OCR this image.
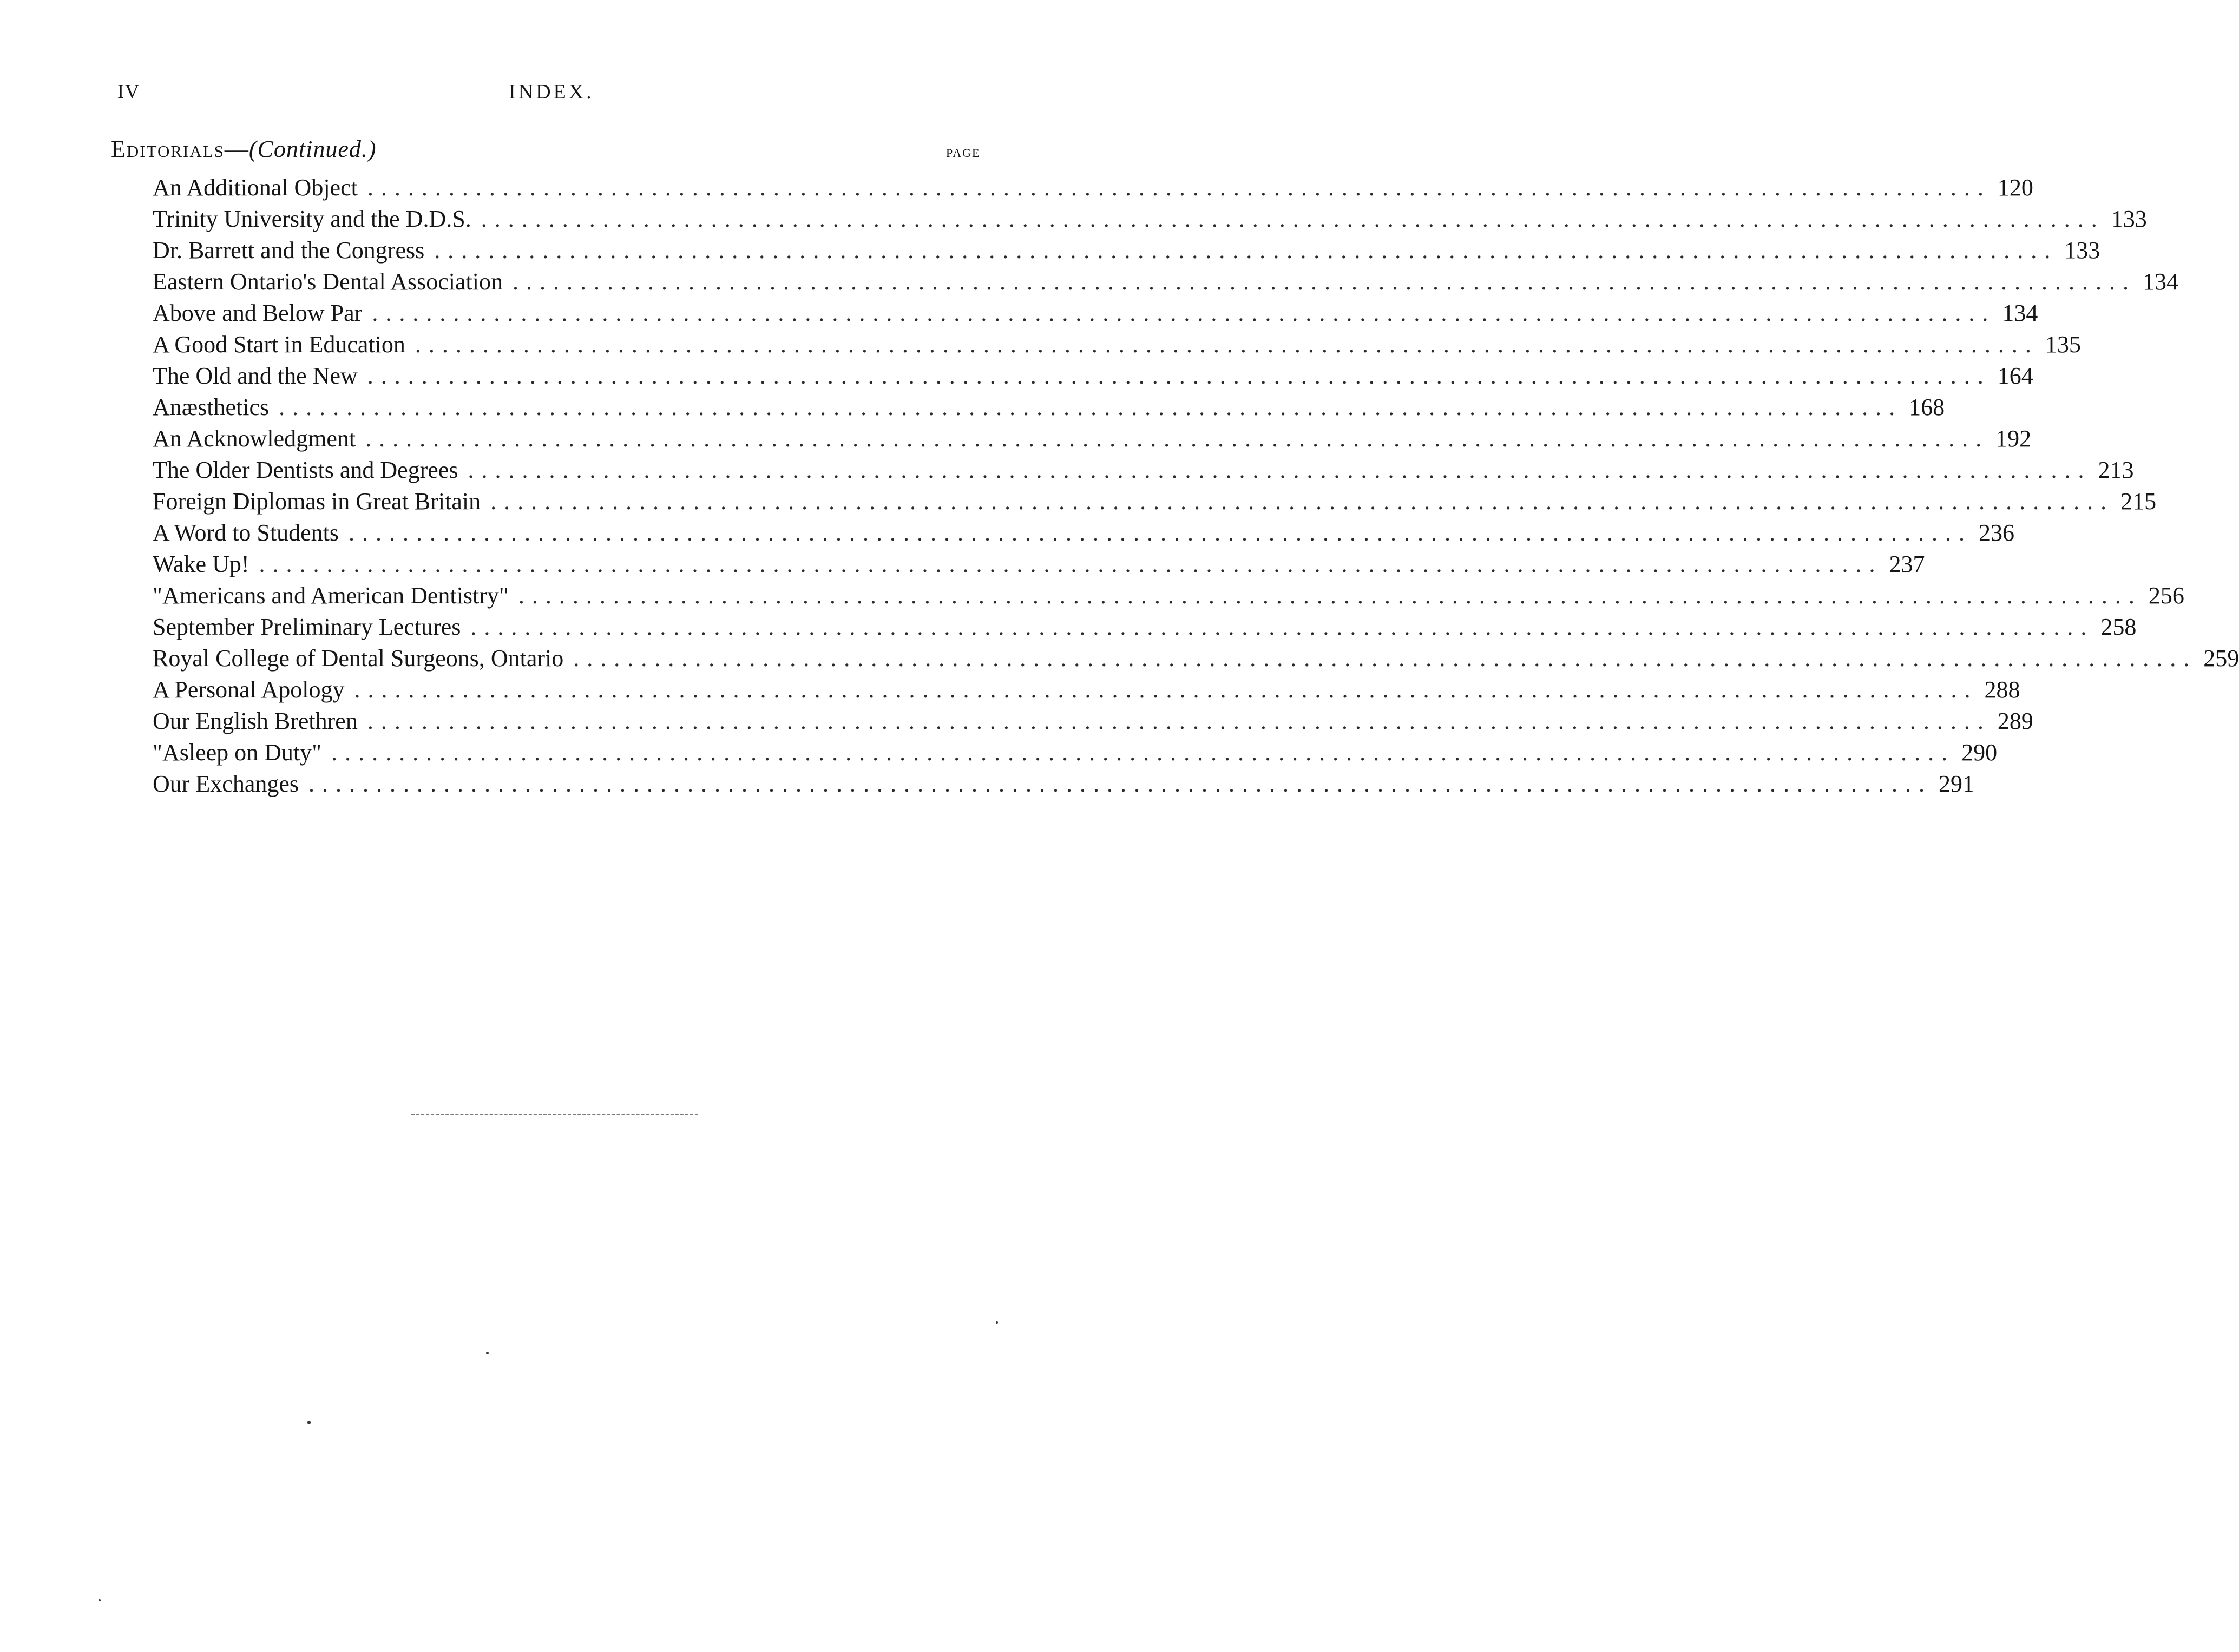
IV	INDEX.
Editorials—(Continued.)	PAGE
An Additional Object ........................................................................................................................ 120
Trinity University and the D.D.S. ........................................................................................................................ 133
Dr. Barrett and the Congress ........................................................................................................................ 133
Eastern Ontario's Dental Association ........................................................................................................................ 134
Above and Below Par ........................................................................................................................ 134
A Good Start in Education ........................................................................................................................ 135
The Old and the New ........................................................................................................................ 164
Anæsthetics ........................................................................................................................ 168
An Acknowledgment ........................................................................................................................ 192
The Older Dentists and Degrees ........................................................................................................................ 213
Foreign Diplomas in Great Britain ........................................................................................................................ 215
A Word to Students ........................................................................................................................ 236
Wake Up! ........................................................................................................................ 237
"Americans and American Dentistry" ........................................................................................................................ 256
September Preliminary Lectures ........................................................................................................................ 258
Royal College of Dental Surgeons, Ontario ........................................................................................................................ 259
A Personal Apology ........................................................................................................................ 288
Our English Brethren ........................................................................................................................ 289
"Asleep on Duty" ........................................................................................................................ 290
Our Exchanges ........................................................................................................................ 291
